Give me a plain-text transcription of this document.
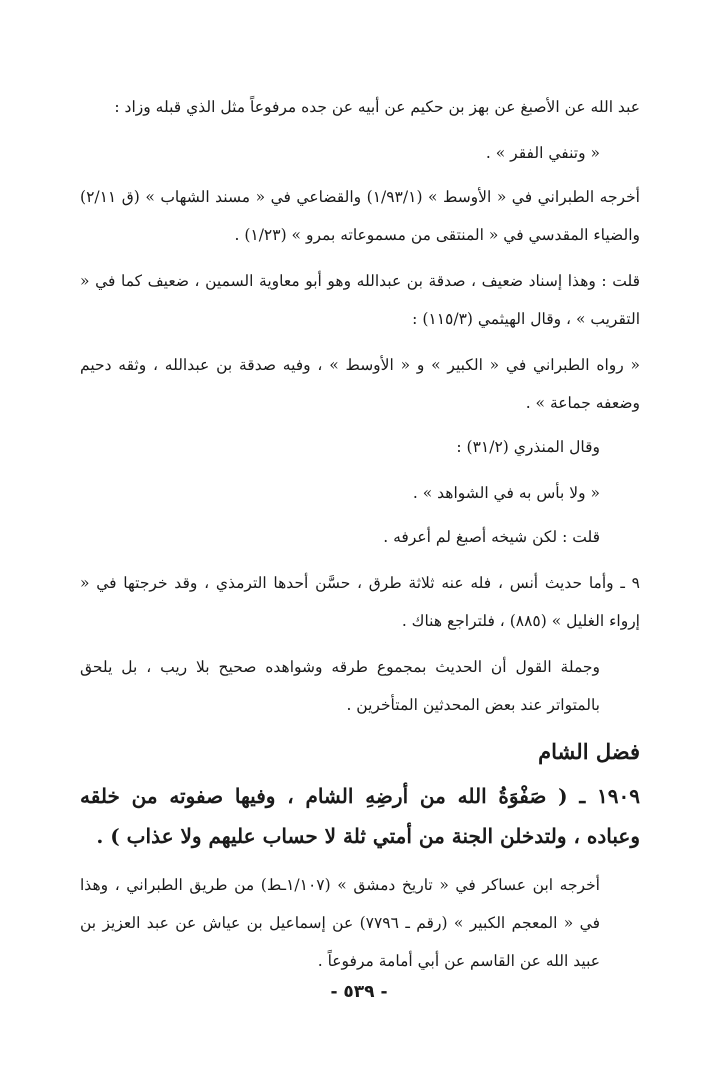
عبد الله عن الأصبغ عن بهز بن حكيم عن أبيه عن جده مرفوعاً مثل الذي قبله وزاد :

« وتنفي الفقر » .

أخرجه الطبراني في « الأوسط » (١/٩٣/١) والقضاعي في « مسند الشهاب » (ق ٢/١١) والضياء المقدسي في « المنتقى من مسموعاته بمرو » (١/٢٣) .

قلت : وهذا إسناد ضعيف ، صدقة بن عبدالله وهو أبو معاوية السمين ، ضعيف كما في « التقريب » ، وقال الهيثمي (١١٥/٣) :

« رواه الطبراني في « الكبير » و « الأوسط » ، وفيه صدقة بن عبدالله ، وثقه دحيم وضعفه جماعة » .

وقال المنذري (٣١/٢) :

« ولا بأس به في الشواهد » .

قلت : لكن شيخه أصبغ لم أعرفه .

٩ ـ وأما حديث أنس ، فله عنه ثلاثة طرق ، حسَّن أحدها الترمذي ، وقد خرجتها في « إرواء الغليل » (٨٨٥) ، فلتراجع هناك .

وجملة القول أن الحديث بمجموع طرقه وشواهده صحيح بلا ريب ، بل يلحق بالمتواتر عند بعض المحدثين المتأخرين .

فضل الشام

١٩٠٩ ـ ( صَفْوَةُ الله من أرضِهِ الشام ، وفيها صفوته من خلقه وعباده ، ولتدخلن الجنة من أمتي ثلة لا حساب عليهم ولا عذاب ) .

أخرجه ابن عساكر في « تاريخ دمشق » (١/١٠٧ـط) من طريق الطبراني ، وهذا في « المعجم الكبير » (رقم ـ ٧٧٩٦) عن إسماعيل بن عياش عن عبد العزيز بن عبيد الله عن القاسم عن أبي أمامة مرفوعاً .

- ٥٣٩ -
